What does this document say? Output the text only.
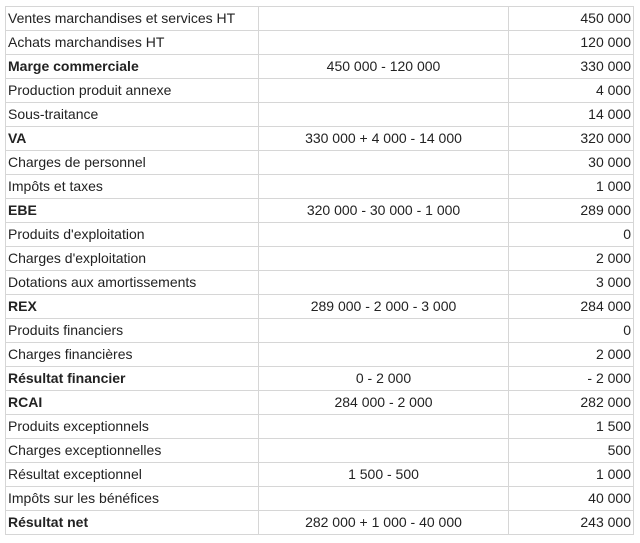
Ventes marchandises et services HT		450 000
Achats marchandises HT		120 000
Marge commerciale	450 000 - 120 000	330 000
Production produit annexe		4 000
Sous-traitance		14 000
VA	330 000 + 4 000 - 14 000	320 000
Charges de personnel		30 000
Impôts et taxes		1 000
EBE	320 000 - 30 000 - 1 000	289 000
Produits d'exploitation		0
Charges d'exploitation		2 000
Dotations aux amortissements		3 000
REX	289 000 - 2 000 - 3 000	284 000
Produits financiers		0
Charges financières		2 000
Résultat financier	0 - 2 000	- 2 000
RCAI	284 000 - 2 000	282 000
Produits exceptionnels		1 500
Charges exceptionnelles		500
Résultat exceptionnel	1 500 - 500	1 000
Impôts sur les bénéfices		40 000
Résultat net	282 000 + 1 000 - 40 000	243 000
